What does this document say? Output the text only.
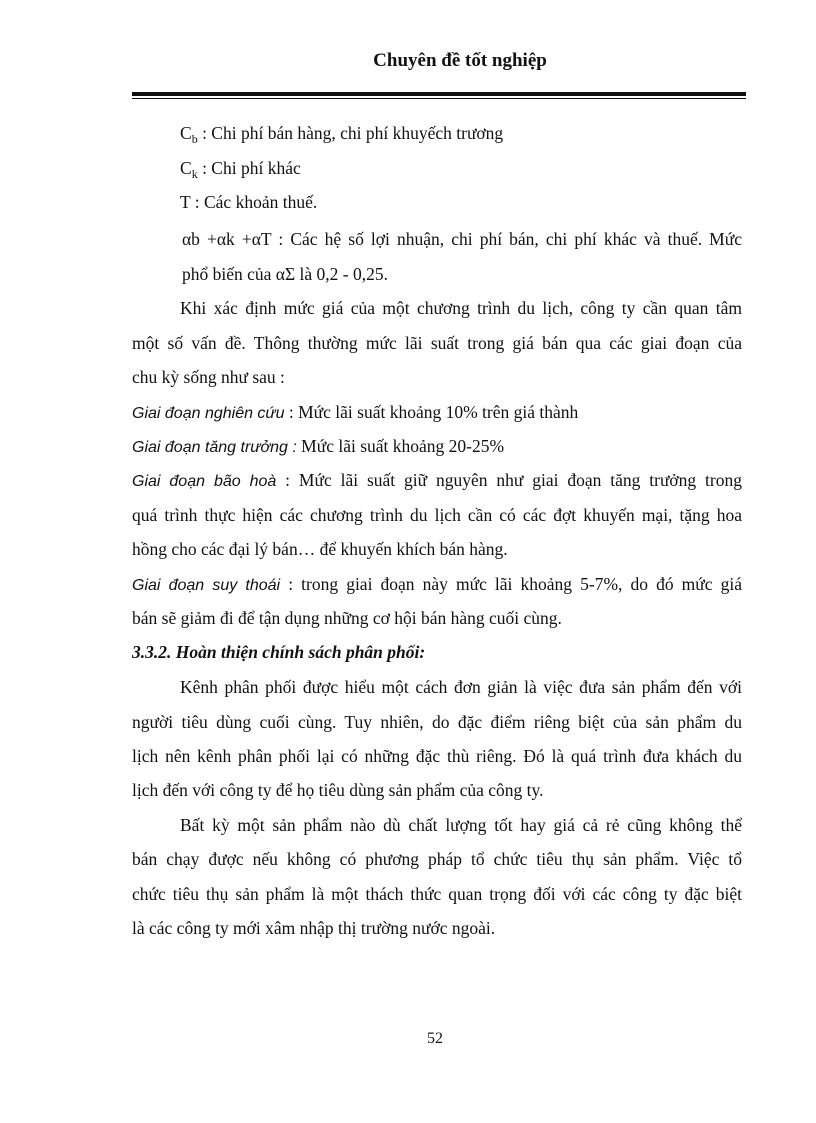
Chuyên đề tốt nghiệp
$C_b$ : Chi phí bán hàng, chi phí khuyếch trương
$C_k$ : Chi phí khác
T : Các khoản thuế.
αb +αk +αT : Các hệ số lợi nhuận, chi phí bán, chi phí khác và thuế. Mức
phổ biến của αΣ là 0,2 - 0,25.
Khi xác định mức giá của một chương trình du lịch, công ty cần quan tâm
một số vấn đề. Thông thường mức lãi suất trong giá bán qua các giai đoạn của
chu kỳ sống như sau :
Giai đoạn nghiên cứu : Mức lãi suất khoảng 10% trên giá thành
Giai đoạn tăng trưởng : Mức lãi suất khoảng 20-25%
Giai đoạn bão hoà : Mức lãi suất giữ nguyên như giai đoạn tăng trưởng trong
quá trình thực hiện các chương trình du lịch cần có các đợt khuyến mại, tặng hoa
hồng cho các đại lý bán… để khuyến khích bán hàng.
Giai đoạn suy thoái : trong giai đoạn này mức lãi khoảng 5-7%, do đó mức giá
bán sẽ giảm đi để tận dụng những cơ hội bán hàng cuối cùng.
3.3.2. Hoàn thiện chính sách phân phối:
Kênh phân phối được hiểu một cách đơn giản là việc đưa sản phẩm đến với
người tiêu dùng cuối cùng. Tuy nhiên, do đặc điểm riêng biệt của sản phẩm du
lịch nên kênh phân phối lại có những đặc thù riêng. Đó là quá trình đưa khách du
lịch đến với công ty để họ tiêu dùng sản phẩm của công ty.
Bất kỳ một sản phẩm nào dù chất lượng tốt hay giá cả rẻ cũng không thể
bán chạy được nếu không có phương pháp tổ chức tiêu thụ sản phẩm. Việc tổ
chức tiêu thụ sản phẩm là một thách thức quan trọng đối với các công ty đặc biệt
là các công ty mới xâm nhập thị trường nước ngoài.
52
